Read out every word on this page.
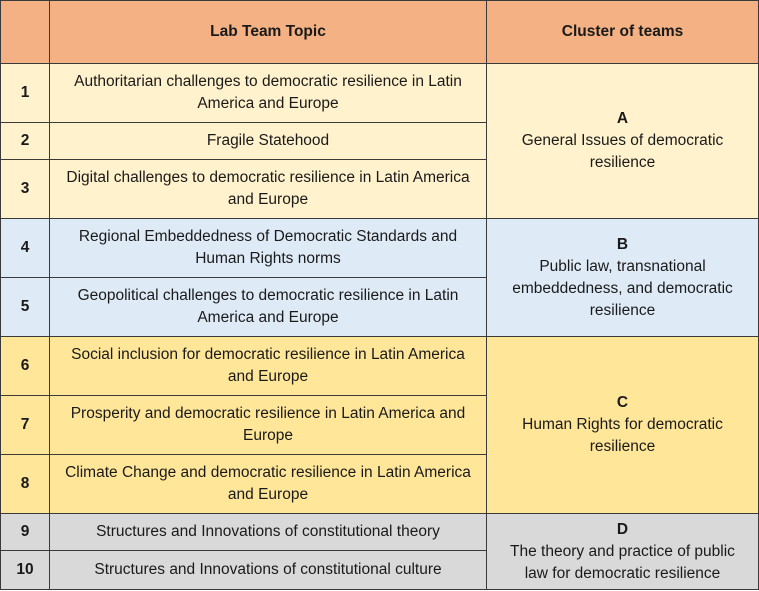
	Lab Team Topic	Cluster of teams
1	Authoritarian challenges to democratic resilience in Latin America and Europe	A
General Issues of democratic resilience

2	Fragile Statehood	
3	Digital challenges to democratic resilience in Latin America and Europe	
4	Regional Embeddedness of Democratic Standards and Human Rights norms	B
Public law, transnational embeddedness, and democratic resilience

5	Geopolitical challenges to democratic resilience in Latin America and Europe	
6	Social inclusion for democratic resilience in Latin America and Europe	C
Human Rights for democratic resilience

7	Prosperity and democratic resilience in Latin America and Europe	
8	Climate Change and democratic resilience in Latin America and Europe	
9	Structures and Innovations of constitutional theory	D
The theory and practice of public law for democratic resilience

10	Structures and Innovations of constitutional culture	
